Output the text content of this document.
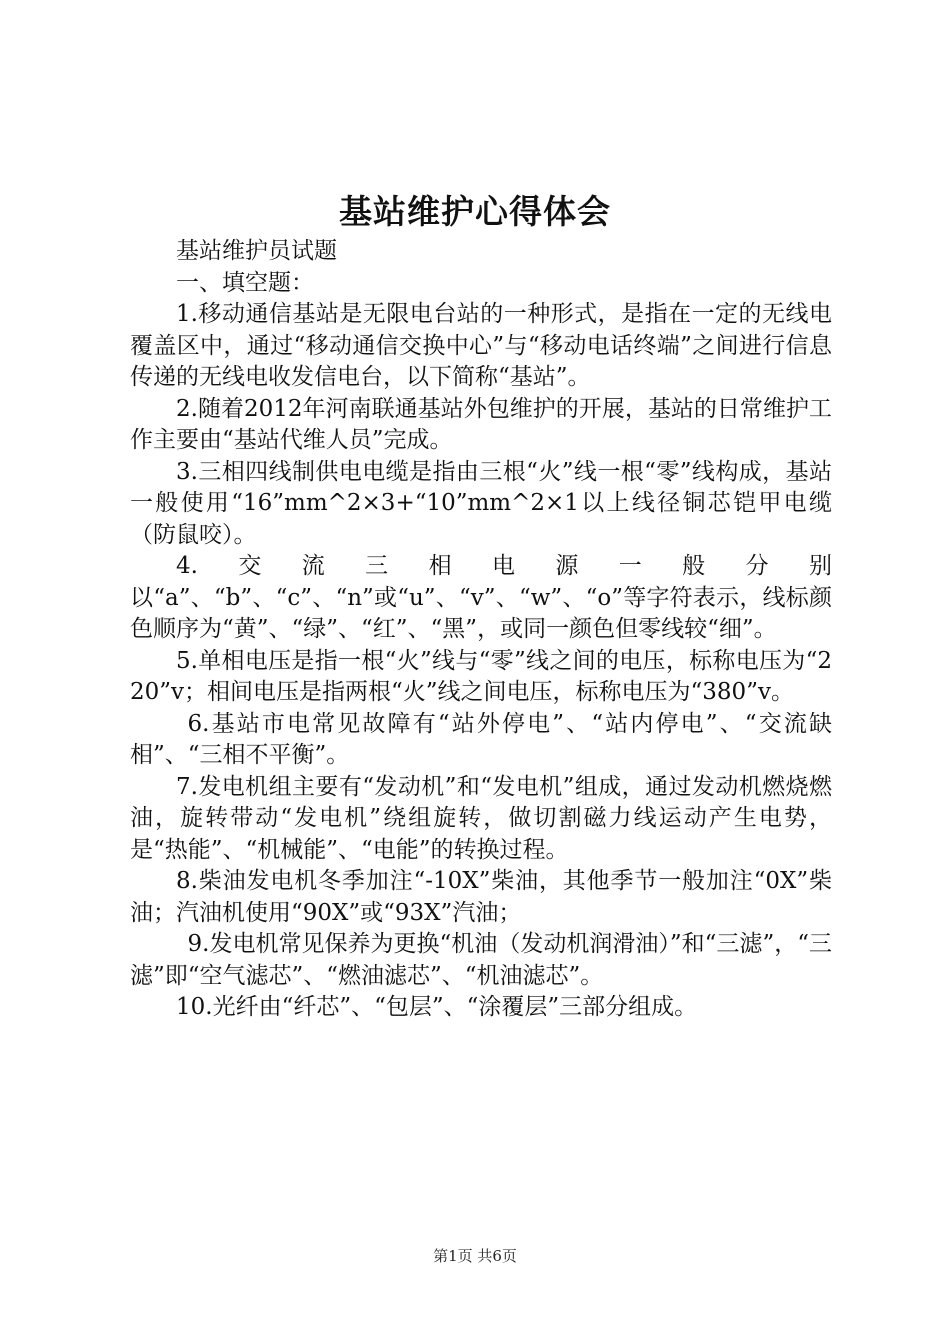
基站维护心得体会

基站维护员试题

一、填空题：

1.移动通信基站是无限电台站的一种形式，是指在一定的无线电覆盖区中，通过“移动通信交换中心”与“移动电话终端”之间进行信息传递的无线电收发信电台，以下简称“基站”。

2.随着2012年河南联通基站外包维护的开展，基站的日常维护工作主要由“基站代维人员”完成。

3.三相四线制供电电缆是指由三根“火”线一根“零”线构成，基站一般使用“16”mm^2×3+“10”mm^2×1以上线径铜芯铠甲电缆（防鼠咬）。

4.交流三相电源一般分别以“a”、“b”、“c”、“n”或“u”、“v”、“w”、“o”等字符表示，线标颜色顺序为“黄”、“绿”、“红”、“黑”，或同一颜色但零线较“细”。

5.单相电压是指一根“火”线与“零”线之间的电压，标称电压为“220”v；相间电压是指两根“火”线之间电压，标称电压为“380”v。

6.基站市电常见故障有“站外停电”、“站内停电”、“交流缺相”、“三相不平衡”。

7.发电机组主要有“发动机”和“发电机”组成，通过发动机燃烧燃油，旋转带动“发电机”绕组旋转，做切割磁力线运动产生电势，是“热能”、“机械能”、“电能”的转换过程。

8.柴油发电机冬季加注“-10X”柴油，其他季节一般加注“0X”柴油；汽油机使用“90X”或“93X”汽油；

9.发电机常见保养为更换“机油（发动机润滑油）”和“三滤”，“三滤”即“空气滤芯”、“燃油滤芯”、“机油滤芯”。

10.光纤由“纤芯”、“包层”、“涂覆层”三部分组成。

第1页 共6页
